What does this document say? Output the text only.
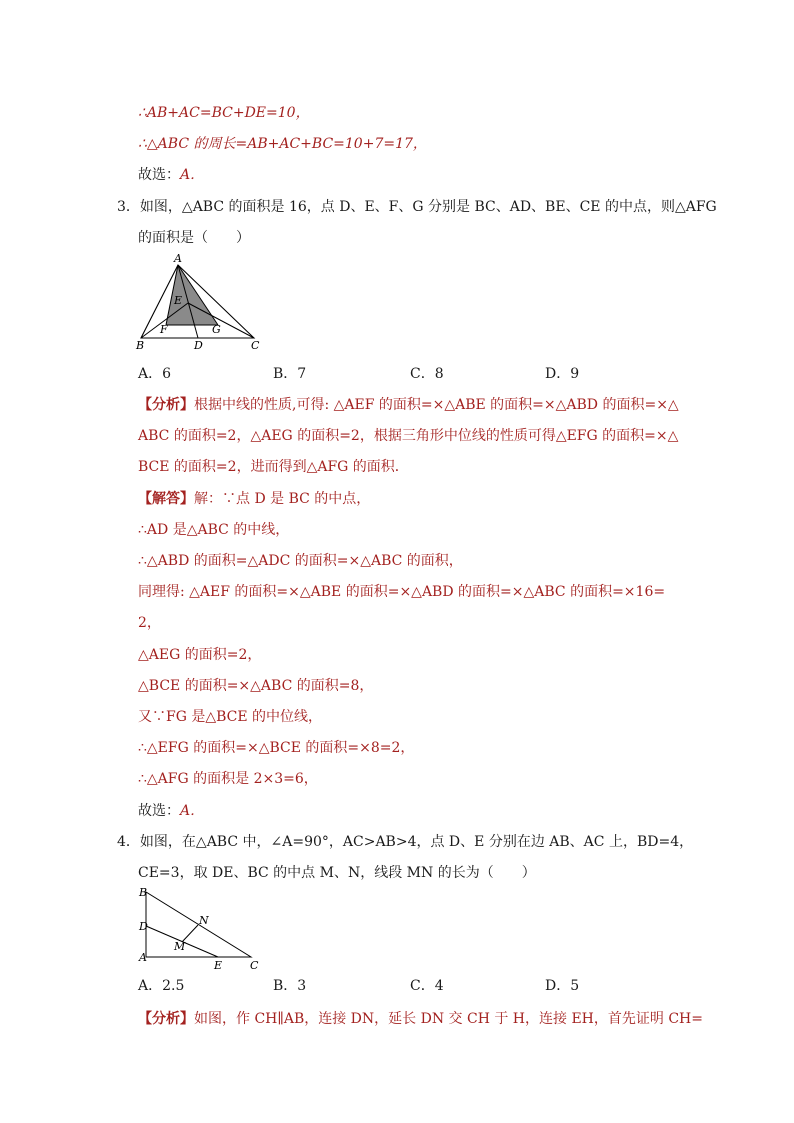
∴AB+AC=BC+DE=10，
∴△ABC 的周长=AB+AC+BC=10+7=17，
故选：A．
3．如图，△ABC 的面积是 16，点 D、E、F、G 分别是 BC、AD、BE、CE 的中点，则△AFG
的面积是（　　）
A
B	C
D
E
F	G
A．6	B．7	C．8	D．9
【分析】根据中线的性质,可得: △AEF 的面积=×△ABE 的面积=×△ABD 的面积=×△
ABC 的面积=2，△AEG 的面积=2，根据三角形中位线的性质可得△EFG 的面积=×△
BCE 的面积=2，进而得到△AFG 的面积．
【解答】解：∵点 D 是 BC 的中点，
∴AD 是△ABC 的中线，
∴△ABD 的面积=△ADC 的面积=×△ABC 的面积，
同理得: △AEF 的面积=×△ABE 的面积=×△ABD 的面积=×△ABC 的面积=×16=
2，
△AEG 的面积=2，
△BCE 的面积=×△ABC 的面积=8，
又∵FG 是△BCE 的中位线，
∴△EFG 的面积=×△BCE 的面积=×8=2，
∴△AFG 的面积是 2×3=6，
故选：A．
4．如图，在△ABC 中，∠A=90°，AC>AB>4，点 D、E 分别在边 AB、AC 上，BD=4，
CE=3，取 DE、BC 的中点 M、N，线段 MN 的长为（　　）
B
D
A
E	C
N
M
A．2.5	B．3	C．4	D．5
【分析】如图，作 CH∥AB，连接 DN，延长 DN 交 CH 于 H，连接 EH，首先证明 CH=
